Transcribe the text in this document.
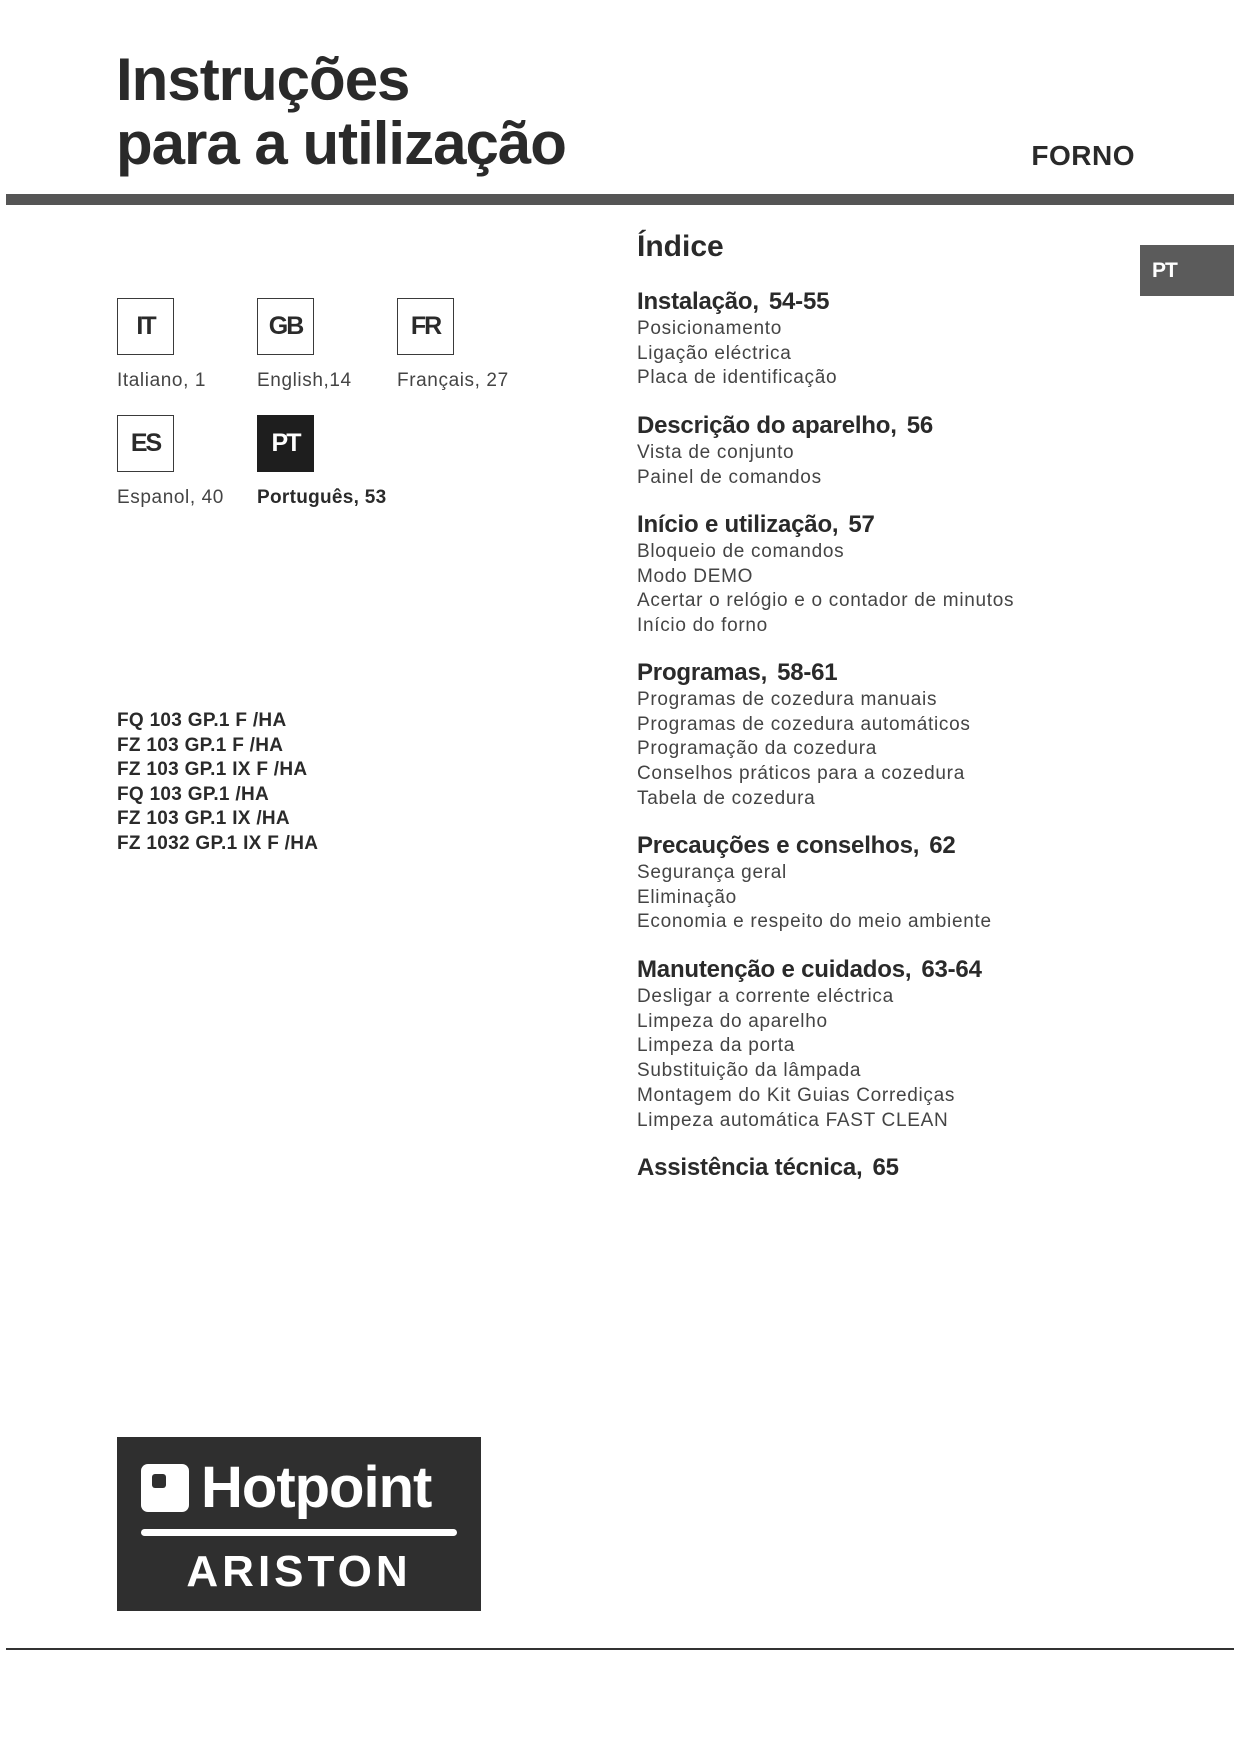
Instruções
para a utilização	FORNO
PT
IT
Italiano, 1
GB
English,14
FR
Français, 27
ES
Espanol, 40
PT
Português, 53
FQ 103 GP.1 F /HA
FZ 103 GP.1 F /HA
FZ 103 GP.1 IX F /HA
FQ 103 GP.1 /HA
FZ 103 GP.1 IX /HA
FZ 1032 GP.1 IX F /HA
Índice
Instalação, 54-55
Posicionamento
Ligação eléctrica
Placa de identificação
Descrição do aparelho, 56
Vista de conjunto
Painel de comandos
Início e utilização, 57
Bloqueio de comandos
Modo DEMO
Acertar o relógio e o contador de minutos
Início do forno
Programas, 58-61
Programas de cozedura manuais
Programas de cozedura automáticos
Programação da cozedura
Conselhos práticos para a cozedura
Tabela de cozedura
Precauções e conselhos, 62
Segurança geral
Eliminação
Economia e respeito do meio ambiente
Manutenção e cuidados, 63-64
Desligar a corrente eléctrica
Limpeza do aparelho
Limpeza da porta
Substituição da lâmpada
Montagem do Kit Guias Corrediças
Limpeza automática FAST CLEAN
Assistência técnica, 65
Hotpoint
ARISTON
